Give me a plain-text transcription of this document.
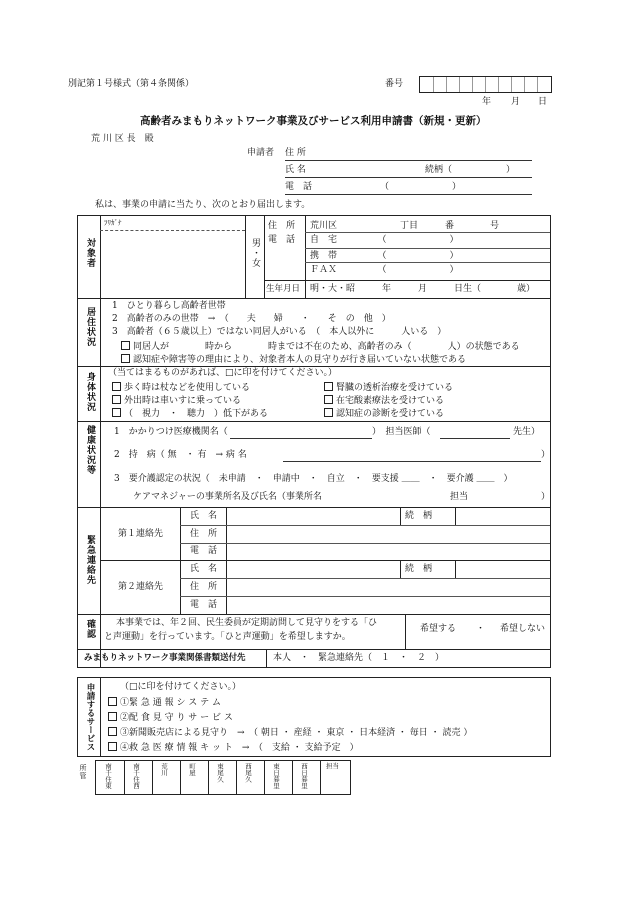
別記第１号様式（第４条関係）	番号
年 月 日
高齢者みまもりネットワーク事業及びサービス利用申請書（新規・更新）
荒 川 区 長　殿
申請者 住 所
氏 名	続柄（　　　　　　）
電　話	（　　　　　　　）
私は、事業の申請に当たり、次のとおり届出します。
対象者
ﾌﾘｶﾞﾅ
男・女
住　所
電　話
荒川区　　　　　　　丁目　　　番　　　　号
自　宅　　　　　（　　　　　　　）
携　帯　　　　　（　　　　　　　）
ＦＡＸ　　　　　（　　　　　　　）
生年月日 明・大・昭　　　年　　　月　　　日生（　　　　歳）
居住状況
1　ひとり暮らし高齢者世帯
2　高齢者のみの世帯　→　（　　夫　　婦　　・　　そ　の　他　）
3　高齢者（６５歳以上）ではない同居人がいる　（　本人以外に　　　人いる　）
同居人が　　　　時から　　　　時までは不在のため、高齢者のみ（　　　　人）の状態である
認知症や障害等の理由により、対象者本人の見守りが行き届いていない状態である
身体状況 （当てはまるものがあれば、□に印を付けてください。）
歩く時は杖などを使用している	腎臓の透析治療を受けている
外出時は車いすに乗っている	在宅酸素療法を受けている
（　視力　・　聴力　）低下がある	認知症の診断を受けている
健康状況等 1　かかりつけ医療機関名（	）　担当医師（	先生）
2　持　病（ 無　・ 有　→ 病 名	）
3　要介護認定の状況（　未申請　・　申請中　・　自立　・　要支援 ＿＿　・　要介護 ＿＿　）
ケアマネジャーの事業所名及び氏名（事業所名	担当	）
緊急連絡先
第１連絡先
氏　名	続　柄
住　所
電　話
第２連絡先
氏　名	続　柄
住　所
電　話
確認 本事業では、年２回、民生委員が定期訪問して見守りをする「ひ
と声運動」を行っています。「ひと声運動」を希望しますか。
希望する ・ 希望しない
みまもりネットワーク事業関係書類送付先	本人　・　緊急連絡先（　１　・　２　）
申請するサービス	（□に印を付けてください。）
①緊 急 通 報 シ ス テ ム
②配 食 見 守 り サ ー ビ ス
③新聞販売店による見守り　→　（ 朝日 ・ 産経 ・ 東京 ・ 日本経済 ・ 毎日 ・ 読売 ）
④救 急 医 療 情 報 キ ッ ト　→　（　支給 ・ 支給予定　）
所管	南千住東	南千住西	荒川	町屋	東尾久	西尾久	東日暮里	西日暮里	担当
